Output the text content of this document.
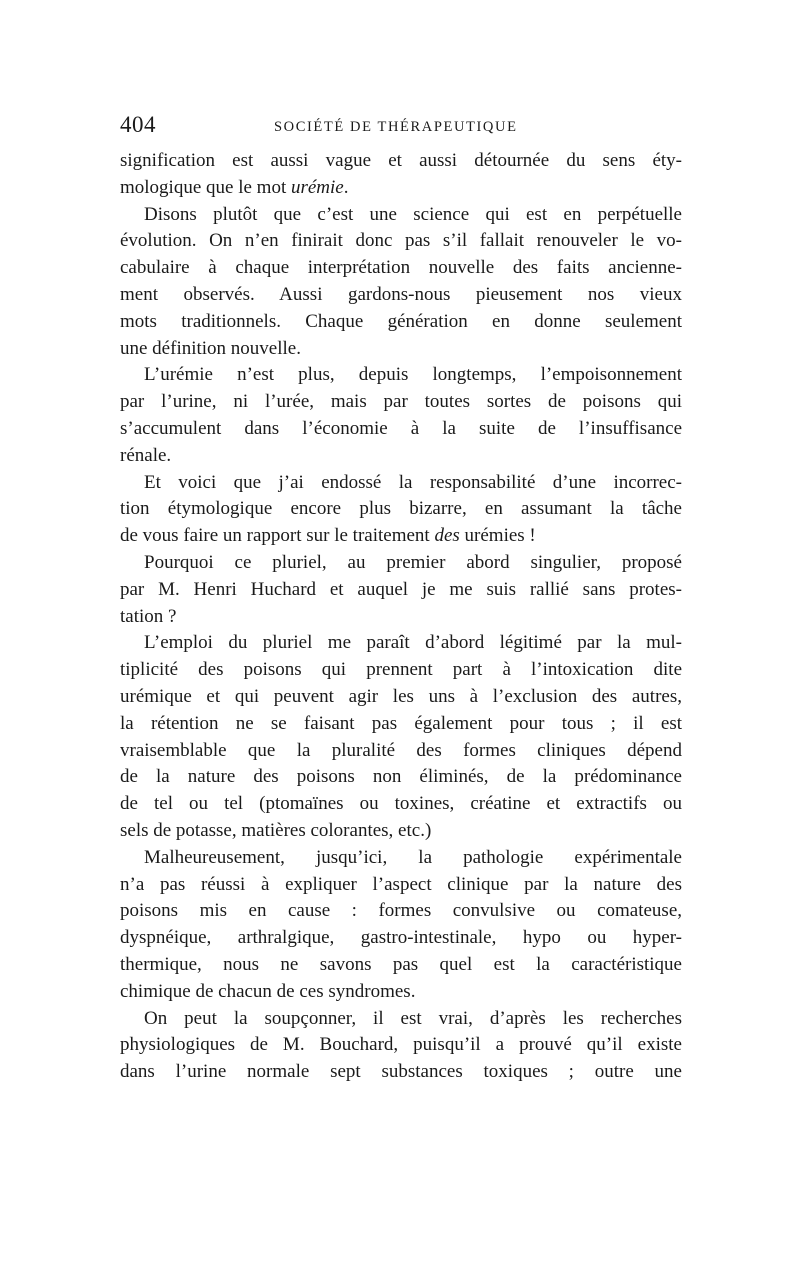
404	SOCIÉTÉ DE THÉRAPEUTIQUE
signification est aussi vague et aussi détournée du sens éty-
mologique que le mot urémie.
Disons plutôt que c’est une science qui est en perpétuelle
évolution. On n’en finirait donc pas s’il fallait renouveler le vo-
cabulaire à chaque interprétation nouvelle des faits ancienne-
ment observés. Aussi gardons-nous pieusement nos vieux
mots traditionnels. Chaque génération en donne seulement
une définition nouvelle.
L’urémie n’est plus, depuis longtemps, l’empoisonnement
par l’urine, ni l’urée, mais par toutes sortes de poisons qui
s’accumulent dans l’économie à la suite de l’insuffisance
rénale.
Et voici que j’ai endossé la responsabilité d’une incorrec-
tion étymologique encore plus bizarre, en assumant la tâche
de vous faire un rapport sur le traitement des urémies !
Pourquoi ce pluriel, au premier abord singulier, proposé
par M. Henri Huchard et auquel je me suis rallié sans protes-
tation ?
L’emploi du pluriel me paraît d’abord légitimé par la mul-
tiplicité des poisons qui prennent part à l’intoxication dite
urémique et qui peuvent agir les uns à l’exclusion des autres,
la rétention ne se faisant pas également pour tous ; il est
vraisemblable que la pluralité des formes cliniques dépend
de la nature des poisons non éliminés, de la prédominance
de tel ou tel (ptomaïnes ou toxines, créatine et extractifs ou
sels de potasse, matières colorantes, etc.)
Malheureusement, jusqu’ici, la pathologie expérimentale
n’a pas réussi à expliquer l’aspect clinique par la nature des
poisons mis en cause : formes convulsive ou comateuse,
dyspnéique, arthralgique, gastro-intestinale, hypo ou hyper-
thermique, nous ne savons pas quel est la caractéristique
chimique de chacun de ces syndromes.
On peut la soupçonner, il est vrai, d’après les recherches
physiologiques de M. Bouchard, puisqu’il a prouvé qu’il existe
dans l’urine normale sept substances toxiques ; outre une
